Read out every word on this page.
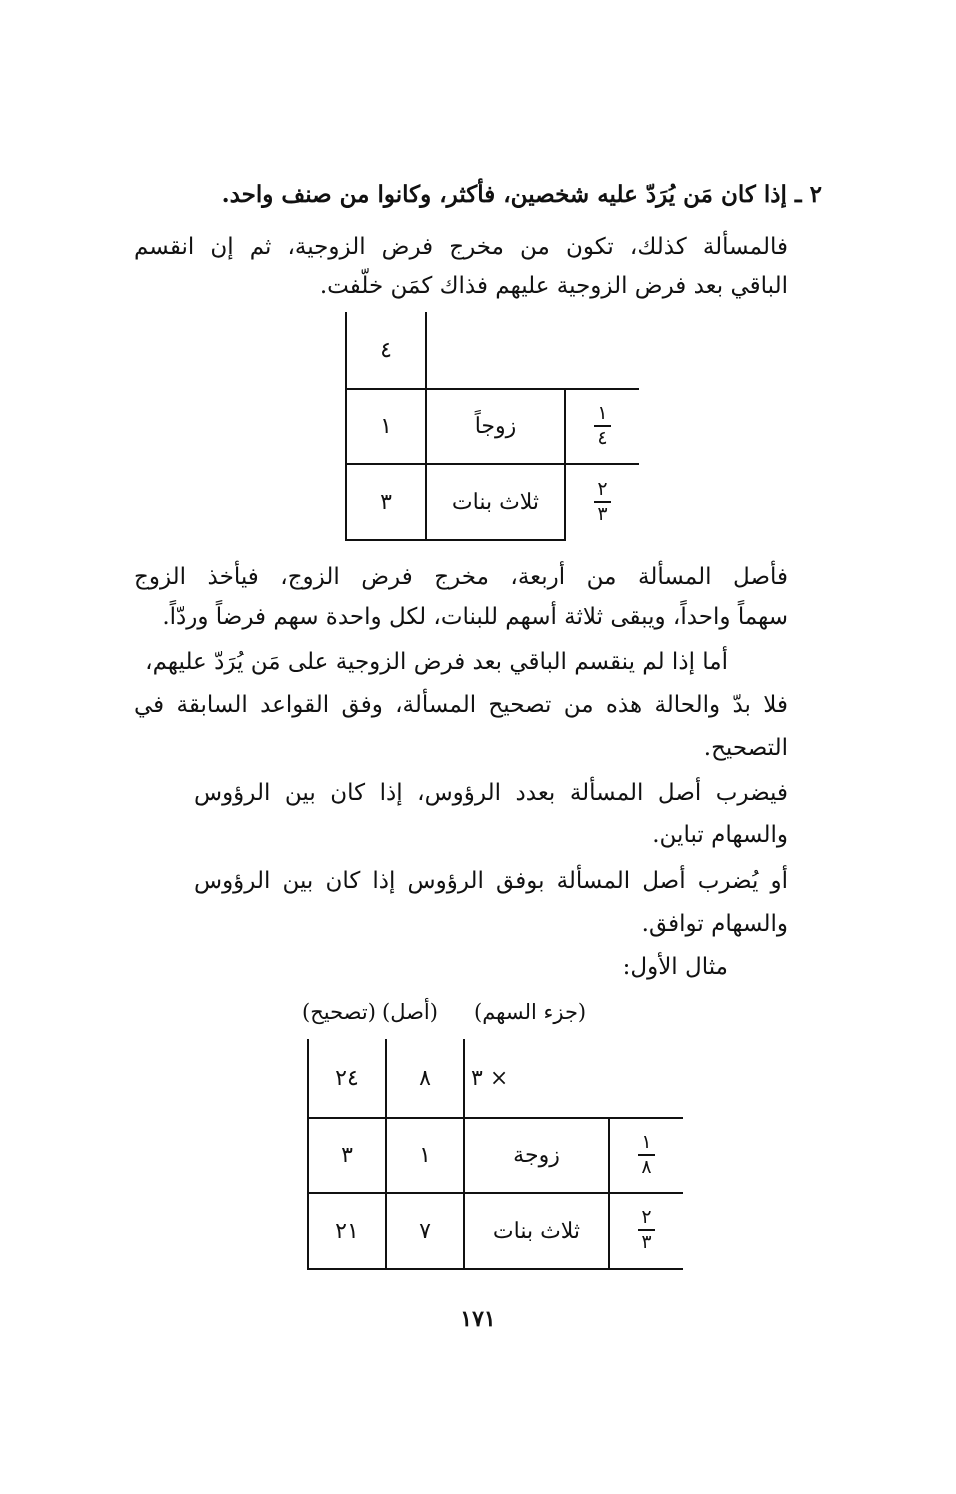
٢ ـ إذا كان مَن يُرَدّ عليه شخصين، فأكثر، وكانوا من صنف واحد.

فالمسألة كذلك، تكون من مخرج فرض الزوجية، ثم إن انقسم

الباقي بعد فرض الزوجية عليهم فذاك كمَن خلّفت.

٤		
١	زوجاً	$\frac{١}{٤}$

٣	ثلاث بنات	$\frac{٢}{٣}$

فأصل المسألة من أربعة، مخرج فرض الزوج، فيأخذ الزوج

سهماً واحداً، ويبقى ثلاثة أسهم للبنات، لكل واحدة سهم فرضاً وردّاً.

أما إذا لم ينقسم الباقي بعد فرض الزوجية على مَن يُرَدّ عليهم،

فلا بدّ والحالة هذه من تصحيح المسألة، وفق القواعد السابقة في

التصحيح.

فيضرب أصل المسألة بعدد الرؤوس، إذا كان بين الرؤوس

والسهام تباين.

أو يُضرب أصل المسألة بوفق الرؤوس إذا كان بين الرؤوس

والسهام توافق.

مثال الأول:

(تصحيح) (أصل) (جزء السهم)
٢٤	٨	٣ ×	
٣	١	زوجة	$\frac{١}{٨}$

٢١	٧	ثلاث بنات	$\frac{٢}{٣}$
١٧١
